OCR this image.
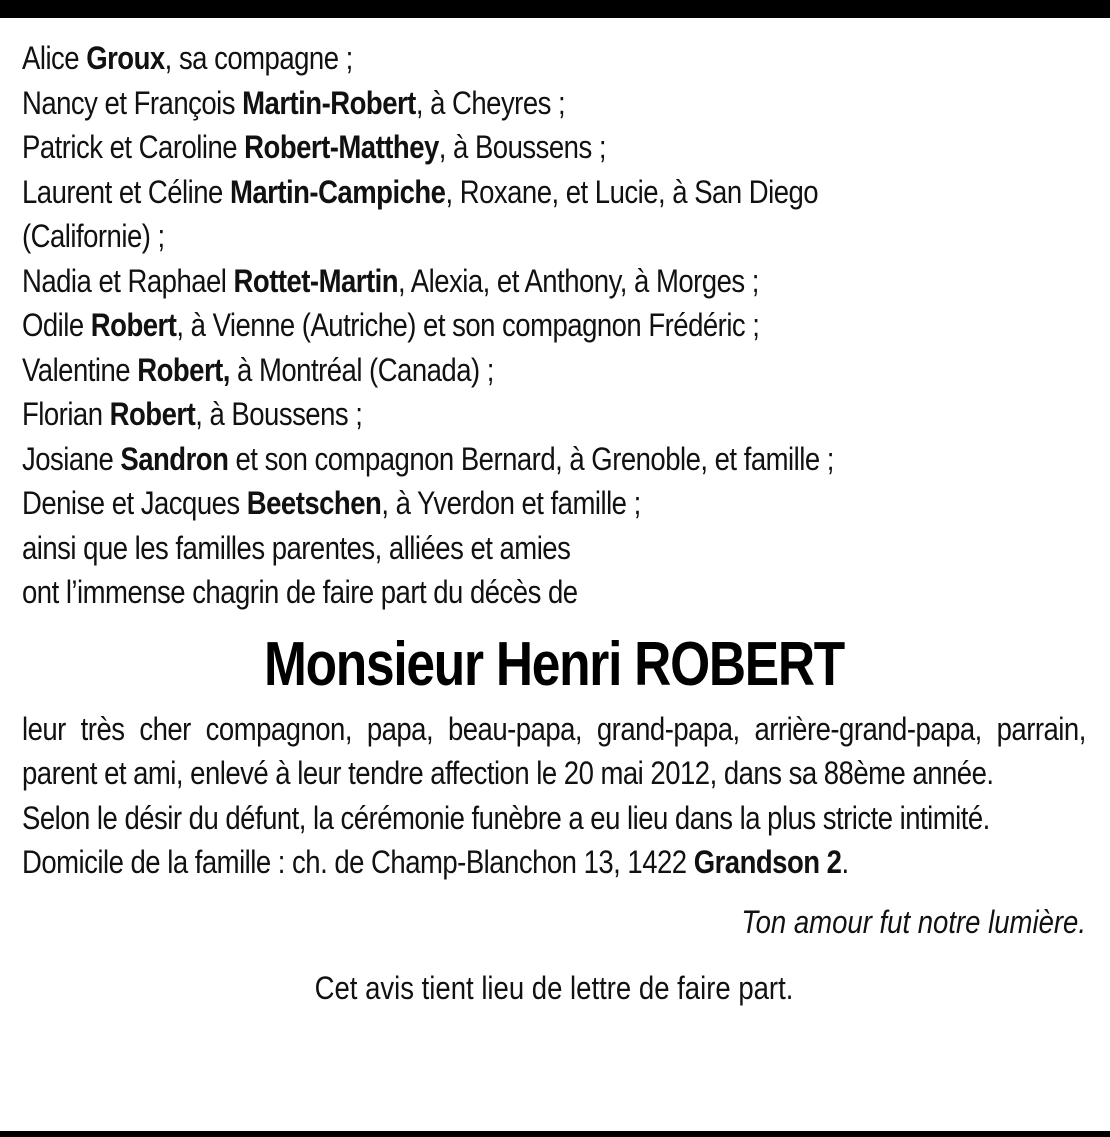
Alice Groux, sa compagne ;
Nancy et François Martin-Robert, à Cheyres ;
Patrick et Caroline Robert-Matthey, à Boussens ;
Laurent et Céline Martin-Campiche, Roxane, et Lucie, à San Diego
(Californie) ;
Nadia et Raphael Rottet-Martin, Alexia, et Anthony, à Morges ;
Odile Robert, à Vienne (Autriche) et son compagnon Frédéric ;
Valentine Robert, à Montréal (Canada) ;
Florian Robert, à Boussens ;
Josiane Sandron et son compagnon Bernard, à Grenoble, et famille ;
Denise et Jacques Beetschen, à Yverdon et famille ;
ainsi que les familles parentes, alliées et amies
ont l’immense chagrin de faire part du décès de
Monsieur Henri ROBERT
leur très cher compagnon, papa, beau-papa, grand-papa, arrière-grand-papa, parrain, parent et ami, enlevé à leur tendre affection le 20 mai 2012, dans sa 88ème année.
Selon le désir du défunt, la cérémonie funèbre a eu lieu dans la plus stricte intimité.
Domicile de la famille : ch. de Champ-Blanchon 13, 1422 Grandson 2.
Ton amour fut notre lumière.
Cet avis tient lieu de lettre de faire part.
